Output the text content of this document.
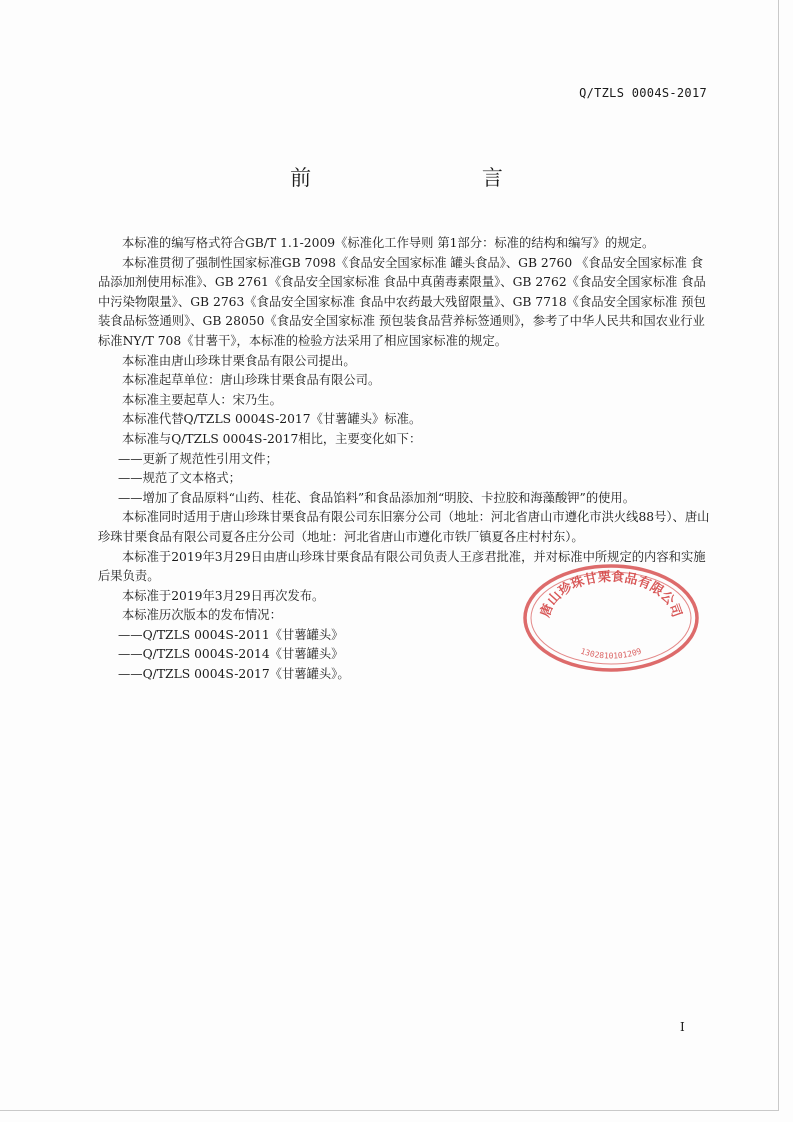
Q/TZLS 0004S-2017
前 言

本标准的编写格式符合GB/T 1.1-2009《标准化工作导则 第1部分：标准的结构和编写》的规定。

本标准贯彻了强制性国家标准GB 7098《食品安全国家标准 罐头食品》、GB 2760 《食品安全国家标准 食品添加剂使用标准》、GB 2761《食品安全国家标准 食品中真菌毒素限量》、GB 2762《食品安全国家标准 食品中污染物限量》、GB 2763《食品安全国家标准 食品中农药最大残留限量》、GB 7718《食品安全国家标准 预包装食品标签通则》、GB 28050《食品安全国家标准 预包装食品营养标签通则》，参考了中华人民共和国农业行业标准NY/T 708《甘薯干》，本标准的检验方法采用了相应国家标准的规定。

本标准由唐山珍珠甘栗食品有限公司提出。

本标准起草单位：唐山珍珠甘栗食品有限公司。

本标准主要起草人：宋乃生。

本标准代替Q/TZLS 0004S-2017《甘薯罐头》标准。

本标准与Q/TZLS 0004S-2017相比，主要变化如下：

——更新了规范性引用文件；

——规范了文本格式；

——增加了食品原料“山药、桂花、食品馅料”和食品添加剂“明胶、卡拉胶和海藻酸钾”的使用。

本标准同时适用于唐山珍珠甘栗食品有限公司东旧寨分公司（地址：河北省唐山市遵化市洪火线88号）、唐山珍珠甘栗食品有限公司夏各庄分公司（地址：河北省唐山市遵化市铁厂镇夏各庄村村东）。

本标准于2019年3月29日由唐山珍珠甘栗食品有限公司负责人王彦君批准，并对标准中所规定的内容和实施后果负责。

本标准于2019年3月29日再次发布。

本标准历次版本的发布情况：

——Q/TZLS 0004S-2011《甘薯罐头》

——Q/TZLS 0004S-2014《甘薯罐头》

——Q/TZLS 0004S-2017《甘薯罐头》。

唐山珍珠甘栗食品有限公司
1302810101209
I
